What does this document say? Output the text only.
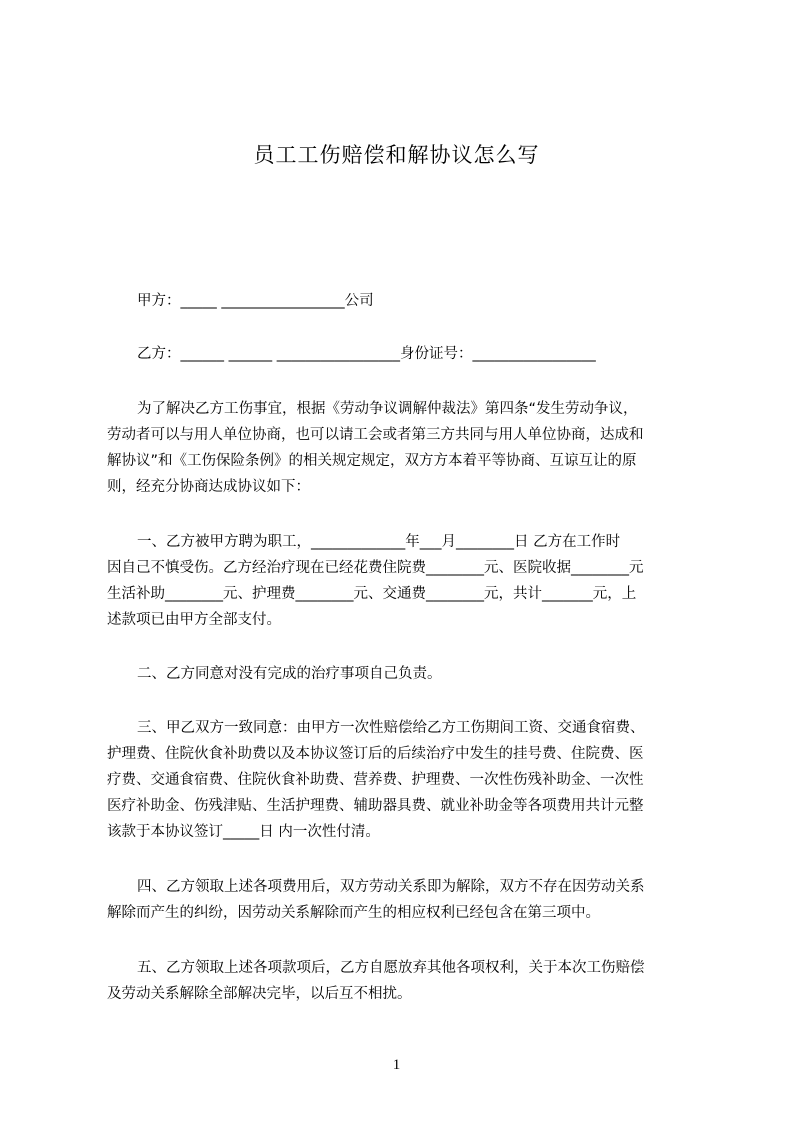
员工工伤赔偿和解协议怎么写
甲方：_____ _________________公司
乙方：______ ______ _________________身份证号：_________________
为了解决乙方工伤事宜，根据《劳动争议调解仲裁法》第四条“发生劳动争议，
劳动者可以与用人单位协商，也可以请工会或者第三方共同与用人单位协商，达成和
解协议”和《工伤保险条例》的相关规定规定，双方方本着平等协商、互谅互让的原
则，经充分协商达成协议如下：
一、乙方被甲方聘为职工，_____________年___月________日 乙方在工作时
因自己不慎受伤。乙方经治疗现在已经花费住院费________元、医院收据________元
生活补助________元、护理费________元、交通费________元，共计_______元，上
述款项已由甲方全部支付。
二、乙方同意对没有完成的治疗事项自己负责。
三、甲乙双方一致同意：由甲方一次性赔偿给乙方工伤期间工资、交通食宿费、
护理费、住院伙食补助费以及本协议签订后的后续治疗中发生的挂号费、住院费、医
疗费、交通食宿费、住院伙食补助费、营养费、护理费、一次性伤残补助金、一次性
医疗补助金、伤残津贴、生活护理费、辅助器具费、就业补助金等各项费用共计元整
该款于本协议签订_____日 内一次性付清。
四、乙方领取上述各项费用后，双方劳动关系即为解除，双方不存在因劳动关系
解除而产生的纠纷，因劳动关系解除而产生的相应权利已经包含在第三项中。
五、乙方领取上述各项款项后，乙方自愿放弃其他各项权利，关于本次工伤赔偿
及劳动关系解除全部解决完毕，以后互不相扰。
1
